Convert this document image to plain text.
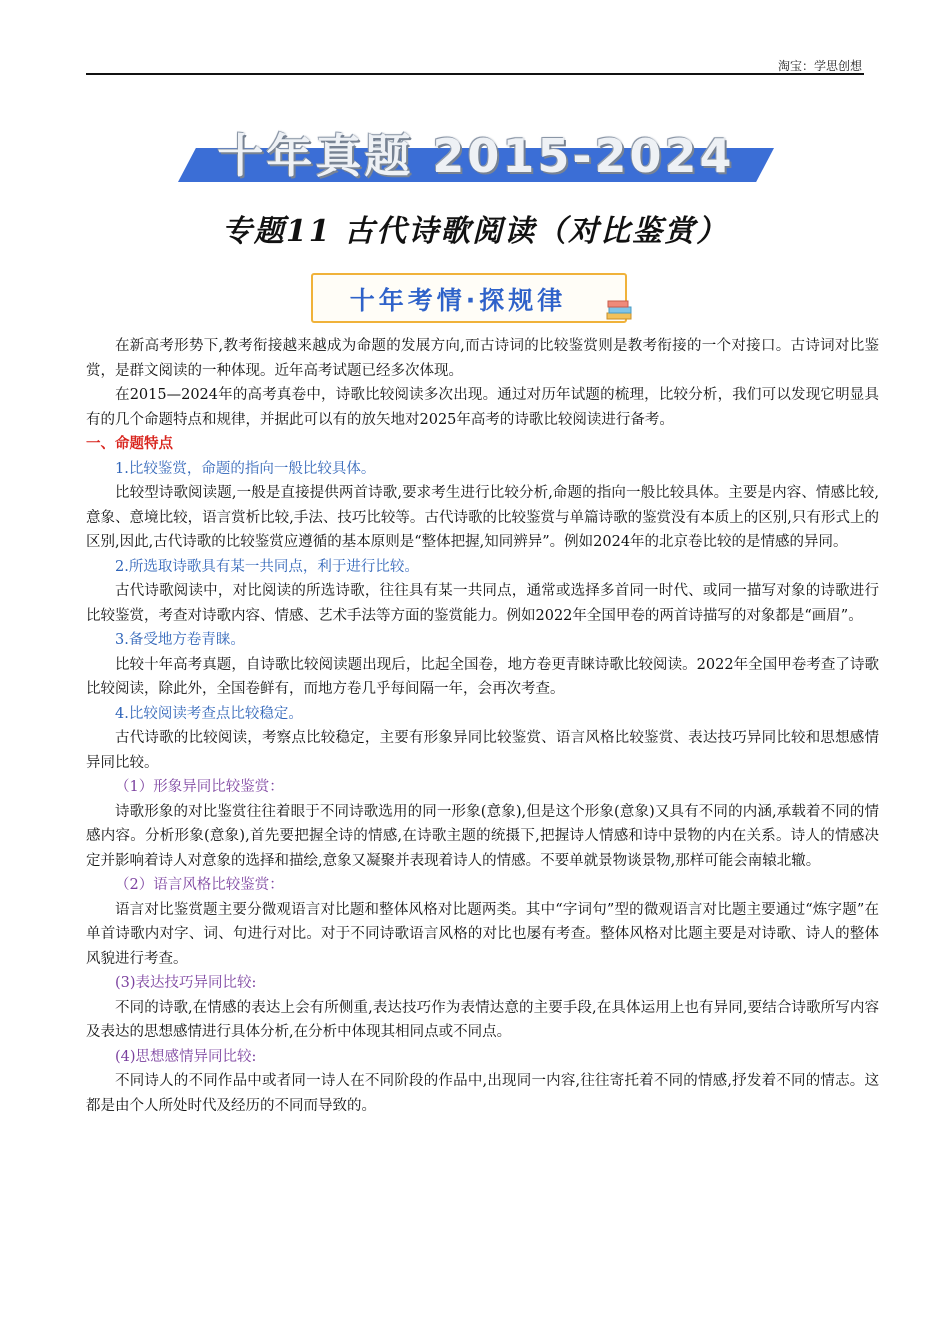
淘宝：学思创想
十年真题 2015-2024
专题11 古代诗歌阅读（对比鉴赏）
十年考情·探规律

在新高考形势下,教考衔接越来越成为命题的发展方向,而古诗词的比较鉴赏则是教考衔接的一个对接口。古诗词对比鉴赏，是群文阅读的一种体现。近年高考试题已经多次体现。

在2015—2024年的高考真卷中，诗歌比较阅读多次出现。通过对历年试题的梳理，比较分析，我们可以发现它明显具有的几个命题特点和规律，并据此可以有的放矢地对2025年高考的诗歌比较阅读进行备考。

一、命题特点

1.比较鉴赏，命题的指向一般比较具体。

比较型诗歌阅读题,一般是直接提供两首诗歌,要求考生进行比较分析,命题的指向一般比较具体。主要是内容、情感比较,意象、意境比较，语言赏析比较,手法、技巧比较等。古代诗歌的比较鉴赏与单篇诗歌的鉴赏没有本质上的区别,只有形式上的区别,因此,古代诗歌的比较鉴赏应遵循的基本原则是“整体把握,知同辨异”。例如2024年的北京卷比较的是情感的异同。

2.所选取诗歌具有某一共同点，利于进行比较。

古代诗歌阅读中，对比阅读的所选诗歌，往往具有某一共同点，通常或选择多首同一时代、或同一描写对象的诗歌进行比较鉴赏，考查对诗歌内容、情感、艺术手法等方面的鉴赏能力。例如2022年全国甲卷的两首诗描写的对象都是“画眉”。

3.备受地方卷青睐。

比较十年高考真题，自诗歌比较阅读题出现后，比起全国卷，地方卷更青睐诗歌比较阅读。2022年全国甲卷考查了诗歌比较阅读，除此外，全国卷鲜有，而地方卷几乎每间隔一年，会再次考查。

4.比较阅读考查点比较稳定。

古代诗歌的比较阅读，考察点比较稳定，主要有形象异同比较鉴赏、语言风格比较鉴赏、表达技巧异同比较和思想感情异同比较。

（1）形象异同比较鉴赏：

诗歌形象的对比鉴赏往往着眼于不同诗歌选用的同一形象(意象),但是这个形象(意象)又具有不同的内涵,承载着不同的情感内容。分析形象(意象),首先要把握全诗的情感,在诗歌主题的统摄下,把握诗人情感和诗中景物的内在关系。诗人的情感决定并影响着诗人对意象的选择和描绘,意象又凝聚并表现着诗人的情感。不要单就景物谈景物,那样可能会南辕北辙。

（2）语言风格比较鉴赏：

语言对比鉴赏题主要分微观语言对比题和整体风格对比题两类。其中“字词句”型的微观语言对比题主要通过“炼字题”在单首诗歌内对字、词、句进行对比。对于不同诗歌语言风格的对比也屡有考查。整体风格对比题主要是对诗歌、诗人的整体风貌进行考查。

(3)表达技巧异同比较:

不同的诗歌,在情感的表达上会有所侧重,表达技巧作为表情达意的主要手段,在具体运用上也有异同,要结合诗歌所写内容及表达的思想感情进行具体分析,在分析中体现其相同点或不同点。

(4)思想感情异同比较:

不同诗人的不同作品中或者同一诗人在不同阶段的作品中,出现同一内容,往往寄托着不同的情感,抒发着不同的情志。这都是由个人所处时代及经历的不同而导致的。
